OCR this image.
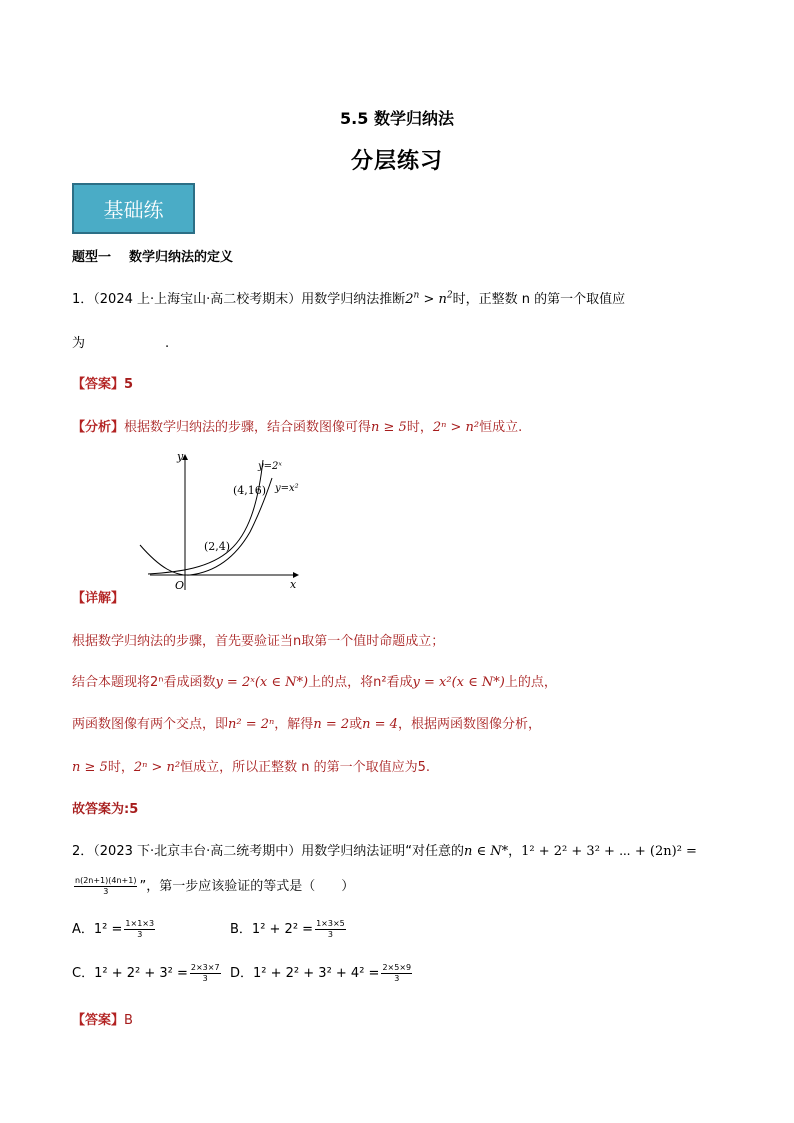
5.5 数学归纳法
分层练习
基础练
题型一 数学归纳法的定义
1．（2024 上·上海宝山·高二校考期末）用数学归纳法推断$2^n > n^2$时，正整数 n 的第一个取值应
为	.
【答案】5
【分析】根据数学归纳法的步骤，结合函数图像可得n ≥ 5时，2ⁿ > n²恒成立.
y
x
O
y=2ˣ
y=x²
(4,16)
(2,4)
【详解】
根据数学归纳法的步骤，首先要验证当n取第一个值时命题成立；
结合本题现将2ⁿ看成函数y = 2ˣ(x ∈ N*)上的点，将n²看成y = x²(x ∈ N*)上的点，
两函数图像有两个交点，即n² = 2ⁿ，解得n = 2或n = 4，根据两函数图像分析，
n ≥ 5时，2ⁿ > n²恒成立，所以正整数 n 的第一个取值应为5.
故答案为:5
2．（2023 下·北京丰台·高二统考期中）用数学归纳法证明“对任意的n ∈ N*，1² + 2² + 3² + ⋯ + (2n)² =
$\frac{n(2n+1)(4n+1)}{3}$ ”，第一步应该验证的等式是（　　）
A．$1^2 = \frac{1\times 1\times 3}{3}$	B．$1^2 + 2^2 = \frac{1\times 3\times 5}{3}$
C．$1^2 + 2^2 + 3^2 = \frac{2\times 3\times 7}{3}$ D．$1^2 + 2^2 + 3^2 + 4^2 = \frac{2\times 5\times 9}{3}$
【答案】B
